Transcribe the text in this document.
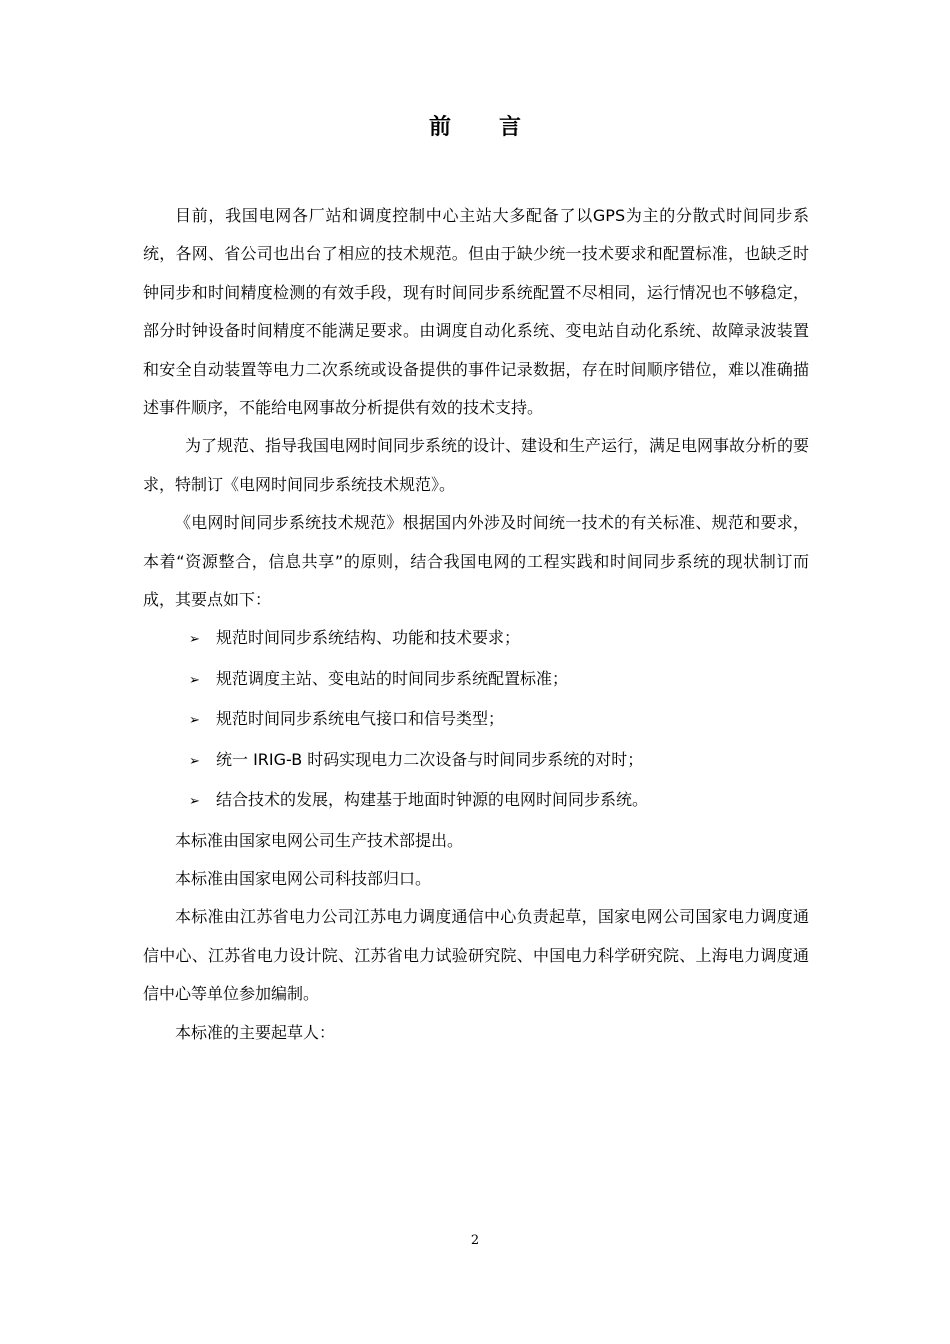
前 言

目前，我国电网各厂站和调度控制中心主站大多配备了以GPS为主的分散式时间同步系统，各网、省公司也出台了相应的技术规范。但由于缺少统一技术要求和配置标准，也缺乏时钟同步和时间精度检测的有效手段，现有时间同步系统配置不尽相同，运行情况也不够稳定，部分时钟设备时间精度不能满足要求。由调度自动化系统、变电站自动化系统、故障录波装置和安全自动装置等电力二次系统或设备提供的事件记录数据，存在时间顺序错位，难以准确描述事件顺序，不能给电网事故分析提供有效的技术支持。

为了规范、指导我国电网时间同步系统的设计、建设和生产运行，满足电网事故分析的要求，特制订《电网时间同步系统技术规范》。

《电网时间同步系统技术规范》根据国内外涉及时间统一技术的有关标准、规范和要求，本着“资源整合，信息共享”的原则，结合我国电网的工程实践和时间同步系统的现状制订而成，其要点如下：

➢	规范时间同步系统结构、功能和技术要求；
➢	规范调度主站、变电站的时间同步系统配置标准；
➢	规范时间同步系统电气接口和信号类型；
➢	统一 IRIG-B 时码实现电力二次设备与时间同步系统的对时；
➢	结合技术的发展，构建基于地面时钟源的电网时间同步系统。

本标准由国家电网公司生产技术部提出。

本标准由国家电网公司科技部归口。

本标准由江苏省电力公司江苏电力调度通信中心负责起草，国家电网公司国家电力调度通信中心、江苏省电力设计院、江苏省电力试验研究院、中国电力科学研究院、上海电力调度通信中心等单位参加编制。

本标准的主要起草人：

2
